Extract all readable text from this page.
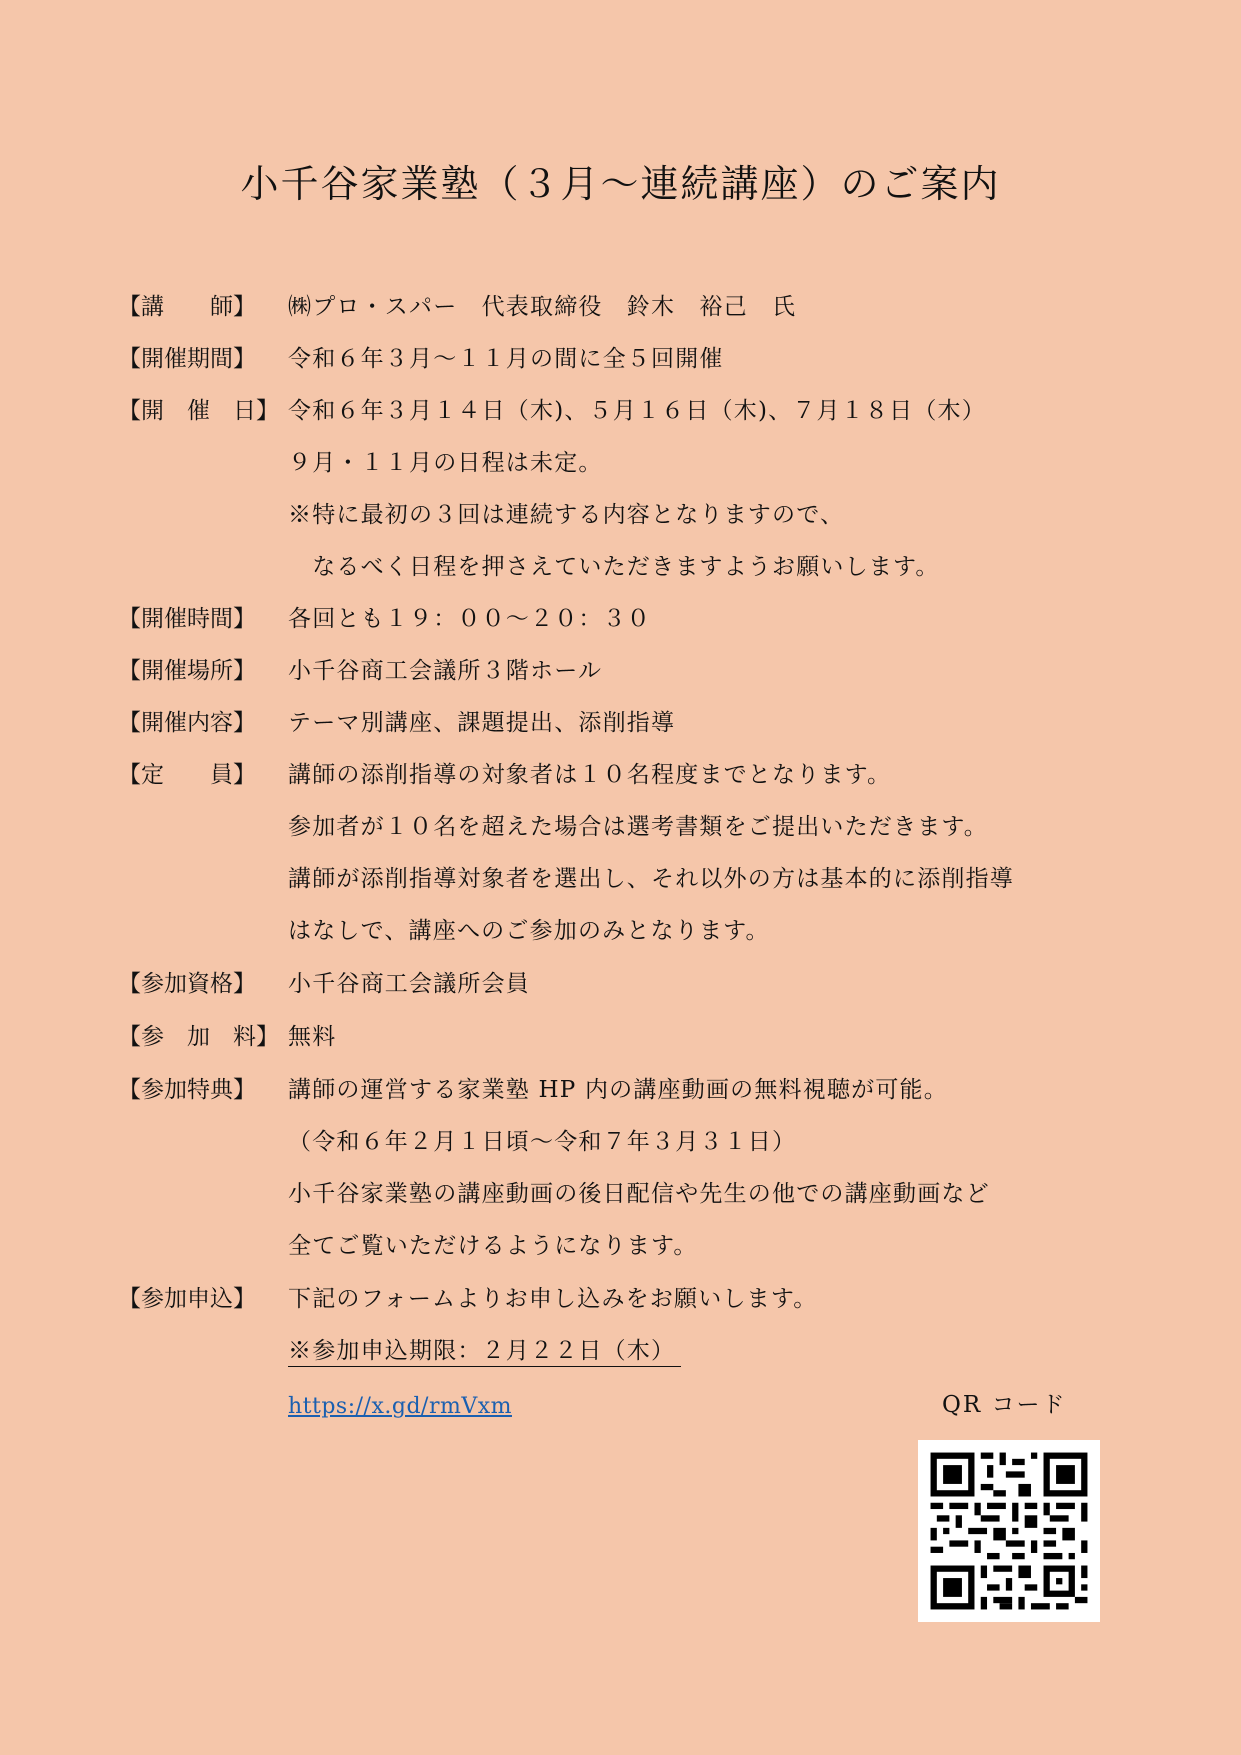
小千谷家業塾（３月～連続講座）のご案内
【講　　師】	㈱プロ・スパー　代表取締役　鈴木　裕己　氏
【開催期間】	令和６年３月～１１月の間に全５回開催
【開　催　日】 令和６年３月１４日（木)、５月１６日（木)、７月１８日（木）
９月・１１月の日程は未定。
※特に最初の３回は連続する内容となりますので、
　なるべく日程を押さえていただきますようお願いします。
【開催時間】	各回とも１９：００～２０：３０
【開催場所】	小千谷商工会議所３階ホール
【開催内容】	テーマ別講座、課題提出、添削指導
【定　　員】	講師の添削指導の対象者は１０名程度までとなります。
参加者が１０名を超えた場合は選考書類をご提出いただきます。
講師が添削指導対象者を選出し、それ以外の方は基本的に添削指導
はなしで、講座へのご参加のみとなります。
【参加資格】	小千谷商工会議所会員
【参　加　料】 無料
【参加特典】	講師の運営する家業塾 HP 内の講座動画の無料視聴が可能。
（令和６年２月１日頃～令和７年３月３１日）
小千谷家業塾の講座動画の後日配信や先生の他での講座動画など
全てご覧いただけるようになります。
【参加申込】	下記のフォームよりお申し込みをお願いします。
※参加申込期限：２月２２日（木）
https://x.gd/rmVxm	QR コード
